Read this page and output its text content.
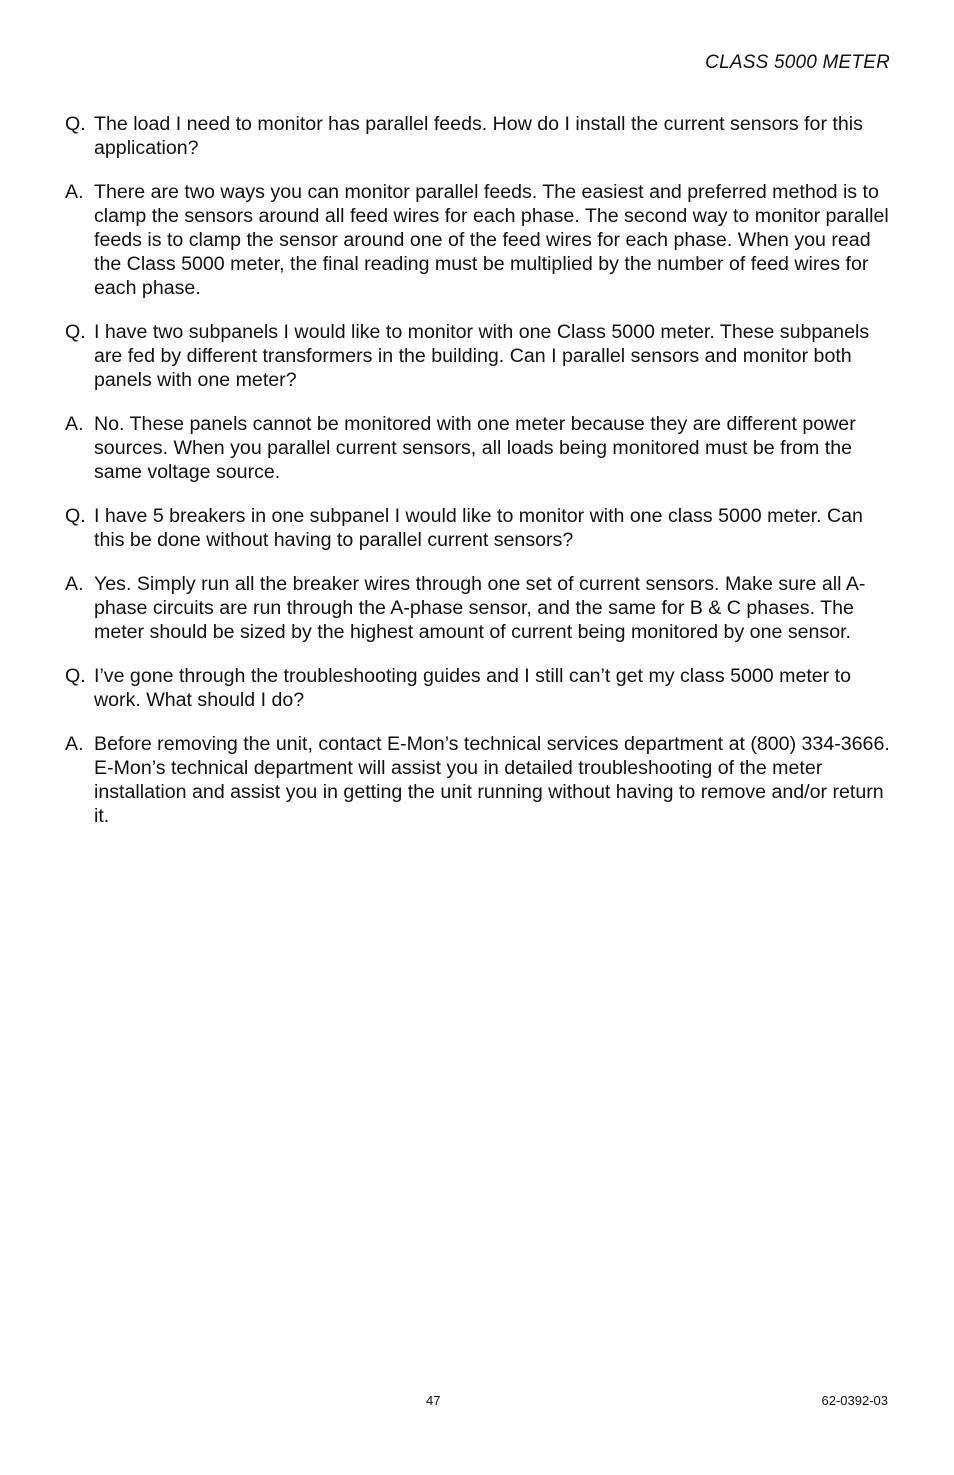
CLASS 5000 METER
Q. The load I need to monitor has parallel feeds. How do I install the current sensors for this application?
A. There are two ways you can monitor parallel feeds. The easiest and preferred method is to clamp the sensors around all feed wires for each phase. The second way to monitor parallel feeds is to clamp the sensor around one of the feed wires for each phase. When you read the Class 5000 meter, the final reading must be multiplied by the number of feed wires for each phase.
Q. I have two subpanels I would like to monitor with one Class 5000 meter. These subpanels are fed by different transformers in the building. Can I parallel sensors and monitor both panels with one meter?
A. No. These panels cannot be monitored with one meter because they are different power sources. When you parallel current sensors, all loads being monitored must be from the same voltage source.
Q. I have 5 breakers in one subpanel I would like to monitor with one class 5000 meter. Can this be done without having to parallel current sensors?
A. Yes. Simply run all the breaker wires through one set of current sensors. Make sure all A-phase circuits are run through the A-phase sensor, and the same for B & C phases. The meter should be sized by the highest amount of current being monitored by one sensor.
Q. I’ve gone through the troubleshooting guides and I still can’t get my class 5000 meter to work. What should I do?
A. Before removing the unit, contact E-Mon’s technical services department at (800) 334-3666. E-Mon’s technical department will assist you in detailed troubleshooting of the meter installation and assist you in getting the unit running without having to remove and/or return it.
47	62-0392-03
